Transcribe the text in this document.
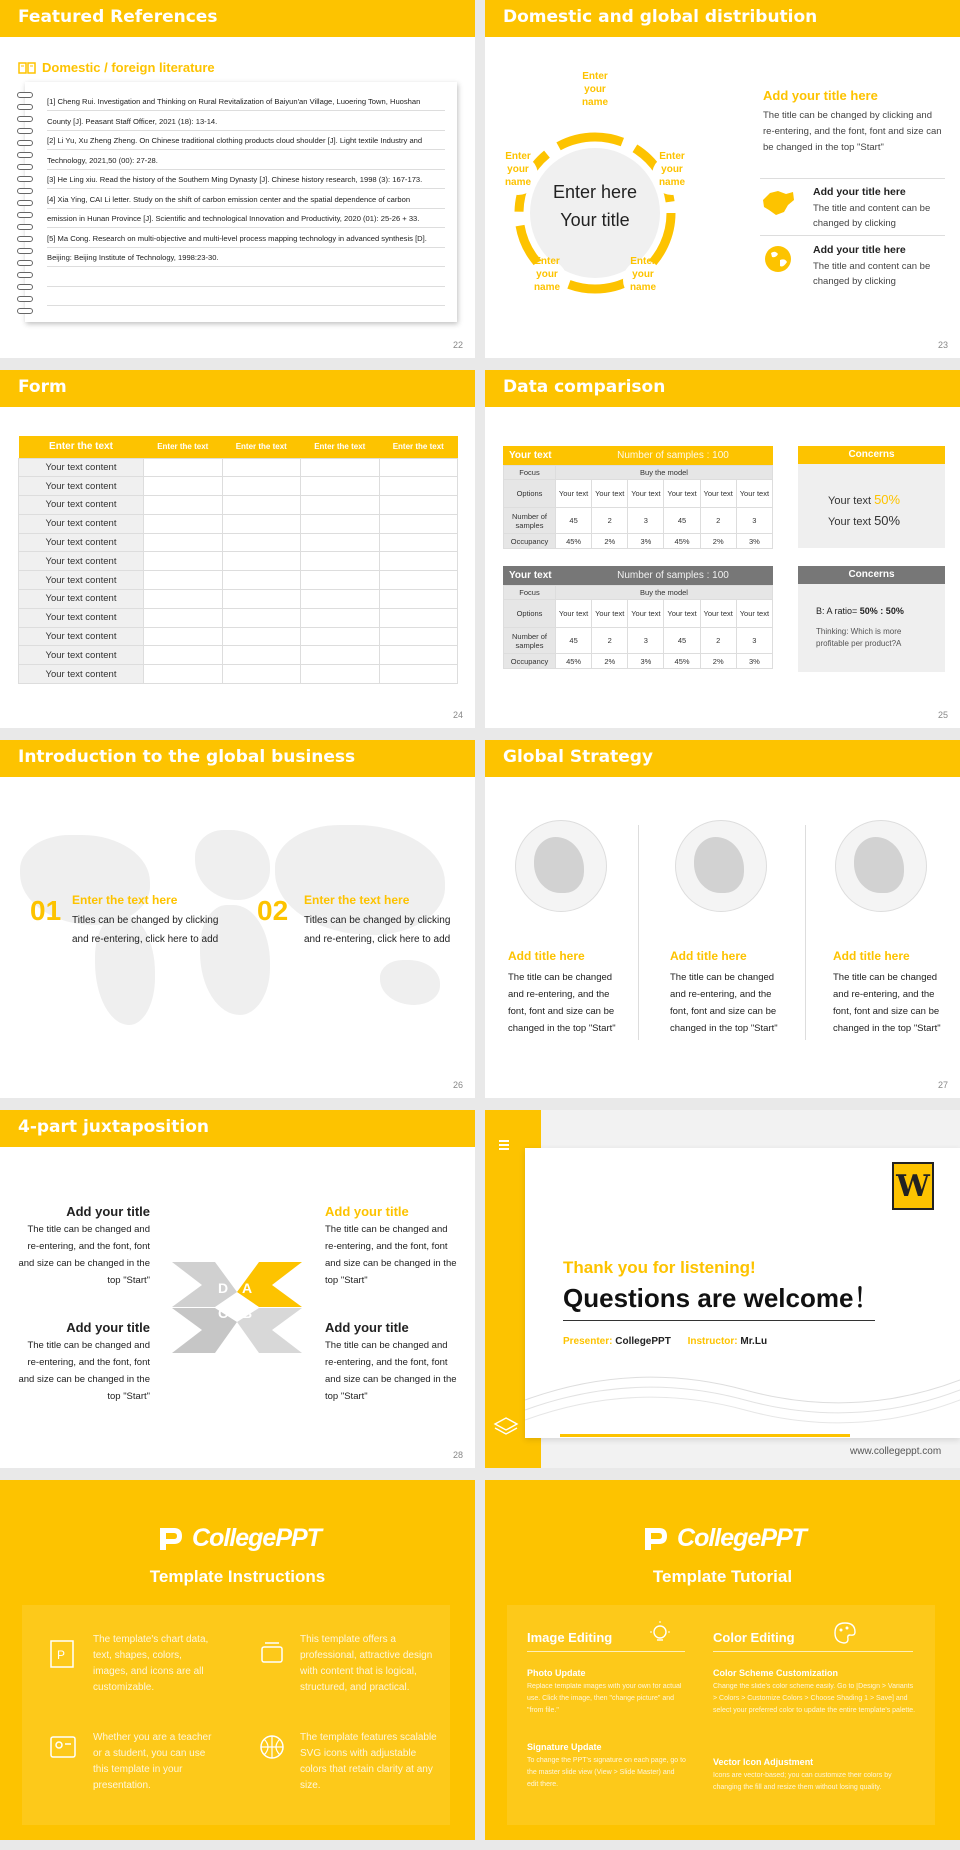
Featured References
Domestic / foreign literature
[1] Cheng Rui. Investigation and Thinking on Rural Revitalization of Baiyun'an Village, Luoering Town, Huoshan
County [J]. Peasant Staff Officer, 2021 (18): 13-14.
[2] Li Yu, Xu Zheng Zheng. On Chinese traditional clothing products cloud shoulder [J]. Light textile Industry and
Technology, 2021,50 (00): 27-28.
[3] He Ling xiu. Read the history of the Southern Ming Dynasty [J]. Chinese history research, 1998 (3): 167-173.
[4] Xia Ying, CAI Li letter. Study on the shift of carbon emission center and the spatial dependence of carbon
emission in Hunan Province [J]. Scientific and technological Innovation and Productivity, 2020 (01): 25-26 + 33.
[5] Ma Cong. Research on multi-objective and multi-level process mapping technology in advanced synthesis [D].
Beijing: Beijing Institute of Technology, 1998:23-30.
22
Domestic and global distribution
Enter here
Your title
Enter
your
name
Enter
your
name
Enter
your
name
Enter
your
name
Enter
your
name
Add your title here
The title can be changed by clicking and re-entering, and the font, font and size can be changed in the top "Start"
Add your title here
The title and content can be changed by clicking
Add your title here
The title and content can be changed by clicking
23
Form
Enter the text	Enter the text	Enter the text	Enter the text	Enter the text
Your text content				
Your text content				
Your text content				
Your text content				
Your text content				
Your text content				
Your text content				
Your text content				
Your text content				
Your text content				
Your text content				
Your text content				
24
Data comparison
Your text	Number of samples : 100
Focus	Buy the model					
Options	Your text	Your text	Your text	Your text	Your text	Your text
Number of samples	45	2	3	45	2	3
Occupancy	45%	2%	3%	45%	2%	3%
Your text	Number of samples : 100
Focus	Buy the model					
Options	Your text	Your text	Your text	Your text	Your text	Your text
Number of samples	45	2	3	45	2	3
Occupancy	45%	2%	3%	45%	2%	3%
Concerns
Your text 50%
Your text 50%
Concerns
B: A ratio= 50% : 50%
Thinking: Which is more profitable per product?A
25
Introduction to the global business
01 Enter the text here
Titles can be changed by clicking and re-entering, click here to add
02 Enter the text here
Titles can be changed by clicking and re-entering, click here to add
26
Global Strategy
Add title here
The title can be changed and re-entering, and the font, font and size can be changed in the top "Start"
Add title here
The title can be changed and re-entering, and the font, font and size can be changed in the top "Start"
Add title here
The title can be changed and re-entering, and the font, font and size can be changed in the top "Start"
27
4-part juxtaposition
Add your title
The title can be changed and re-entering, and the font, font and size can be changed in the top "Start"
Add your title
The title can be changed and re-entering, and the font, font and size can be changed in the top "Start"
Add your title
The title can be changed and re-entering, and the font, font and size can be changed in the top "Start"
Add your title
The title can be changed and re-entering, and the font, font and size can be changed in the top "Start"
D A
C B
28
W
Thank you for listening!
Questions are welcome！
Presenter: CollegePPT Instructor: Mr.Lu
www.collegeppt.com
CollegePPT
Template Instructions
P
The template's chart data, text, shapes, colors, images, and icons are all customizable.
This template offers a professional, attractive design with content that is logical, structured, and practical.
Whether you are a teacher or a student, you can use this template in your presentation.
The template features scalable SVG icons with adjustable colors that retain clarity at any size.
CollegePPT
Template Tutorial
Image Editing	Color Editing
Photo Update
Replace template images with your own for actual use. Click the image, then "change picture" and "from file."
Signature Update
To change the PPT's signature on each page, go to the master slide view (View > Slide Master) and edit there.
Color Scheme Customization
Change the slide's color scheme easily. Go to [Design > Variants > Colors > Customize Colors > Choose Shading 1 > Save] and select your preferred color to update the entire template's palette.
Vector Icon Adjustment
Icons are vector-based; you can customize their colors by changing the fill and resize them without losing quality.
